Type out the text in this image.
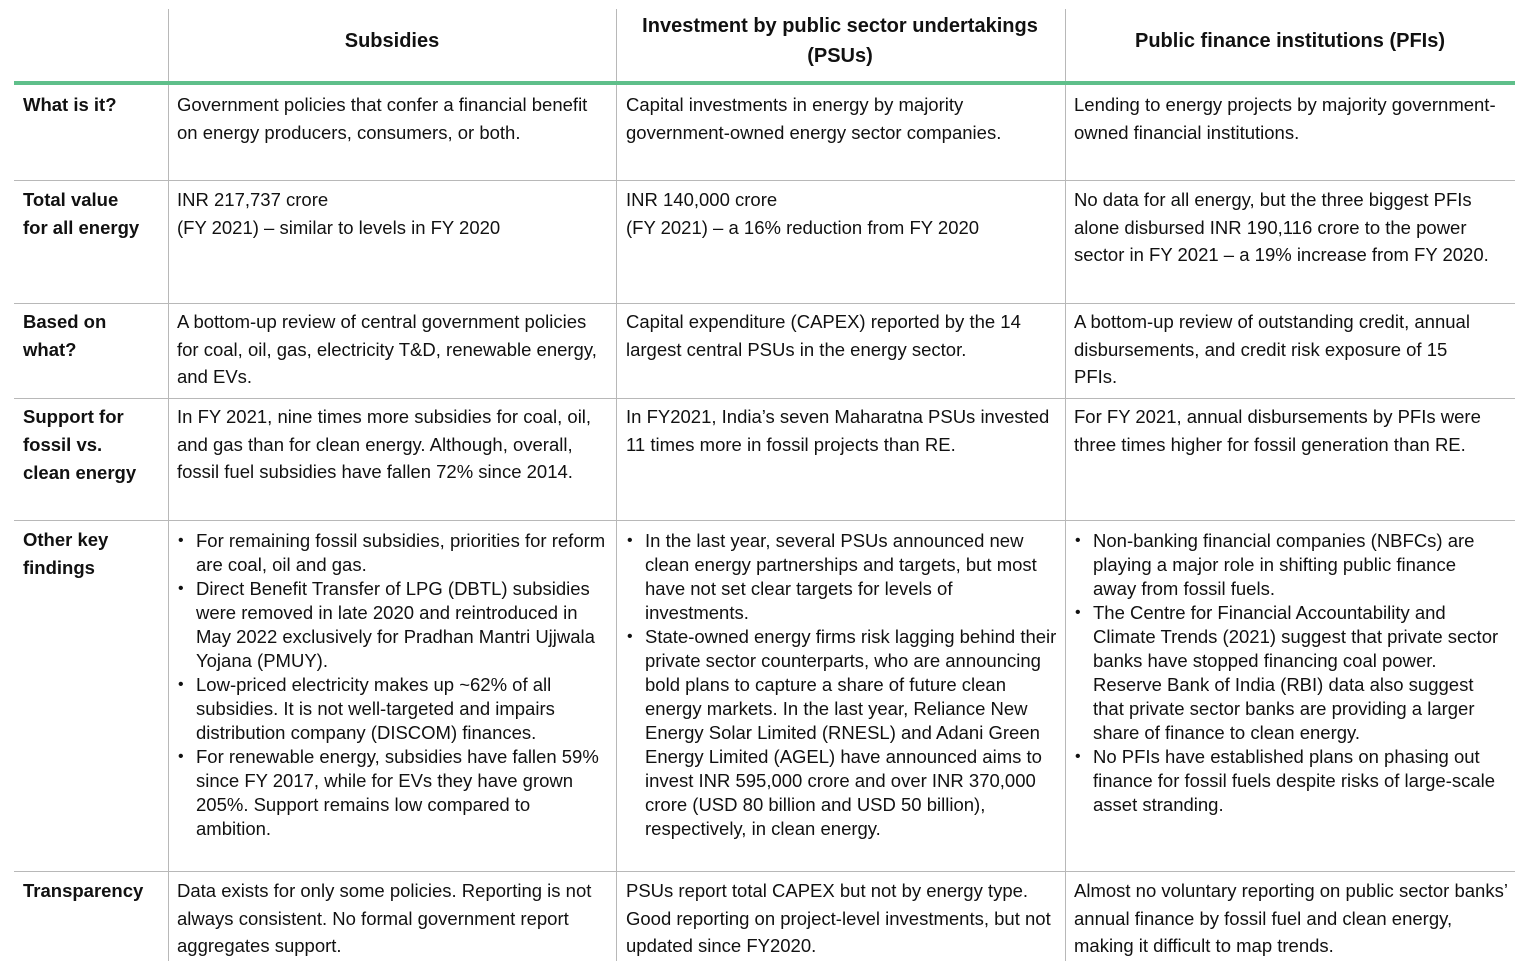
Subsidies
Investment by public sector undertakings (PSUs)
Public finance institutions (PFIs)
What is it?	Government policies that confer a financial benefit on energy producers, consumers, or both.
Capital investments in energy by majority government-owned energy sector companies.
Lending to energy projects by majority government-owned financial institutions.
Total value
for all energy
INR 217,737 crore
(FY 2021) – similar to levels in FY 2020
INR 140,000 crore
(FY 2021) – a 16% reduction from FY 2020
No data for all energy, but the three biggest PFIs alone disbursed INR 190,116 crore to the power sector in FY 2021 – a 19% increase from FY 2020.
Based on
what?
A bottom-up review of central government policies for coal, oil, gas, electricity T&D, renewable energy, and EVs.
Capital expenditure (CAPEX) reported by the 14 largest central PSUs in the energy sector.
A bottom-up review of outstanding credit, annual disbursements, and credit risk exposure of 15 PFIs.
Support for
fossil vs.
clean energy
In FY 2021, nine times more subsidies for coal, oil, and gas than for clean energy. Although, overall, fossil fuel subsidies have fallen 72% since 2014.
In FY2021, India’s seven Maharatna PSUs invested 11 times more in fossil projects than RE.
For FY 2021, annual disbursements by PFIs were three times higher for fossil generation than RE.
Other key
findings
• For remaining fossil subsidies, priorities for reform are coal, oil and gas.
• Direct Benefit Transfer of LPG (DBTL) subsidies were removed in late 2020 and reintroduced in May 2022 exclusively for Pradhan Mantri Ujjwala Yojana (PMUY).
• Low-priced electricity makes up ~62% of all subsidies. It is not well-targeted and impairs distribution company (DISCOM) finances.
• For renewable energy, subsidies have fallen 59% since FY 2017, while for EVs they have grown 205%. Support remains low compared to ambition.
• In the last year, several PSUs announced new clean energy partnerships and targets, but most have not set clear targets for levels of investments.
• State-owned energy firms risk lagging behind their private sector counterparts, who are announcing bold plans to capture a share of future clean energy markets. In the last year, Reliance New Energy Solar Limited (RNESL) and Adani Green Energy Limited (AGEL) have announced aims to invest INR 595,000 crore and over INR 370,000 crore (USD 80 billion and USD 50 billion), respectively, in clean energy.
• Non-banking financial companies (NBFCs) are playing a major role in shifting public finance away from fossil fuels.
• The Centre for Financial Accountability and Climate Trends (2021) suggest that private sector banks have stopped financing coal power. Reserve Bank of India (RBI) data also suggest that private sector banks are providing a larger share of finance to clean energy.
• No PFIs have established plans on phasing out finance for fossil fuels despite risks of large-scale asset stranding.
Transparency	Data exists for only some policies. Reporting is not always consistent. No formal government report aggregates support.
PSUs report total CAPEX but not by energy type. Good reporting on project-level investments, but not updated since FY2020.
Almost no voluntary reporting on public sector banks’ annual finance by fossil fuel and clean energy, making it difficult to map trends.
